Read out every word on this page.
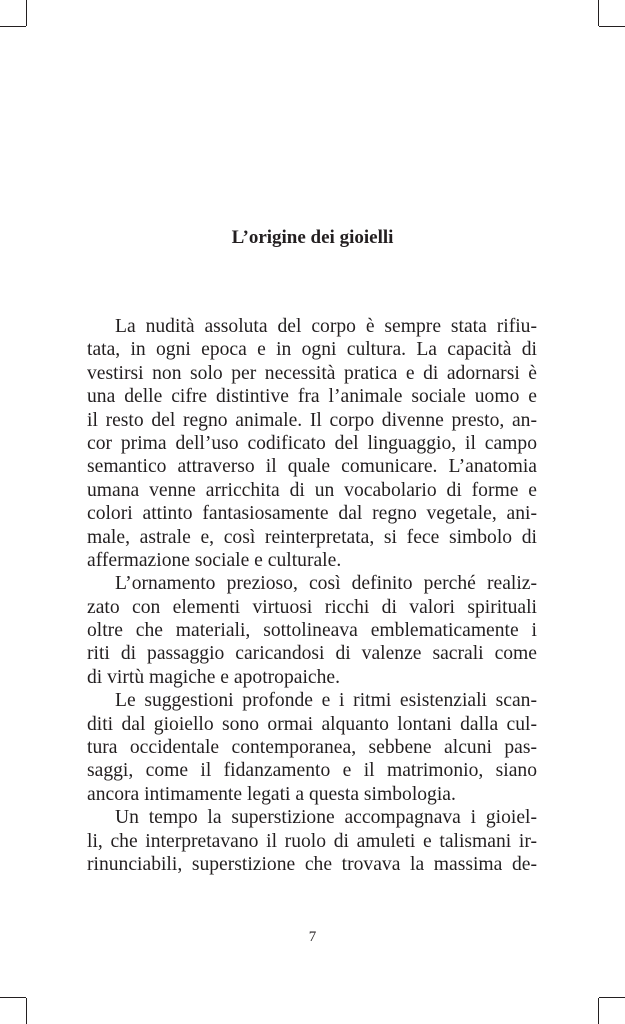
L’origine dei gioielli
La nudità assoluta del corpo è sempre stata rifiu-
tata, in ogni epoca e in ogni cultura. La capacità di
vestirsi non solo per necessità pratica e di adornarsi è
una delle cifre distintive fra l’animale sociale uomo e
il resto del regno animale. Il corpo divenne presto, an-
cor prima dell’uso codificato del linguaggio, il campo
semantico attraverso il quale comunicare. L’anatomia
umana venne arricchita di un vocabolario di forme e
colori attinto fantasiosamente dal regno vegetale, ani-
male, astrale e, così reinterpretata, si fece simbolo di
affermazione sociale e culturale.
L’ornamento prezioso, così definito perché realiz-
zato con elementi virtuosi ricchi di valori spirituali
oltre che materiali, sottolineava emblematicamente i
riti di passaggio caricandosi di valenze sacrali come
di virtù magiche e apotropaiche.
Le suggestioni profonde e i ritmi esistenziali scan-
diti dal gioiello sono ormai alquanto lontani dalla cul-
tura occidentale contemporanea, sebbene alcuni pas-
saggi, come il fidanzamento e il matrimonio, siano
ancora intimamente legati a questa simbologia.
Un tempo la superstizione accompagnava i gioiel-
li, che interpretavano il ruolo di amuleti e talismani ir-
rinunciabili, superstizione che trovava la massima de-
7
